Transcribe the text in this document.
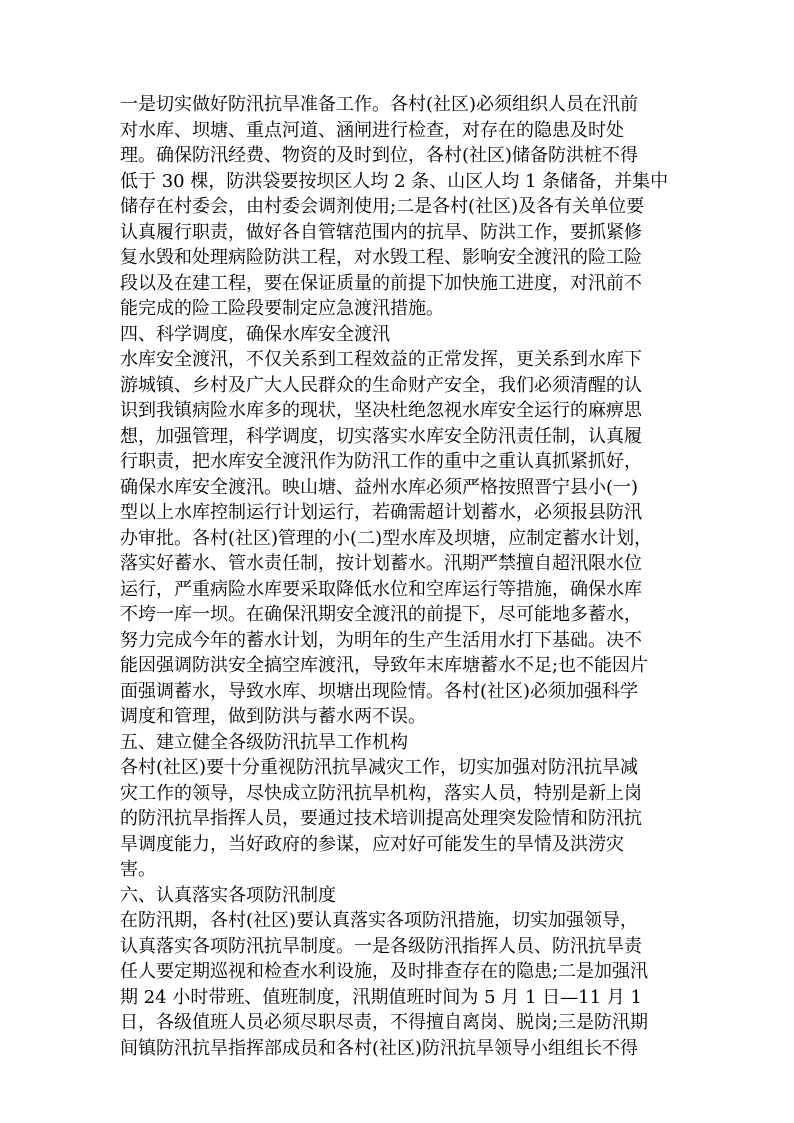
一是切实做好防汛抗旱准备工作。各村(社区)必须组织人员在汛前
对水库、坝塘、重点河道、涵闸进行检查，对存在的隐患及时处
理。确保防汛经费、物资的及时到位，各村(社区)储备防洪桩不得
低于 30 棵，防洪袋要按坝区人均 2 条、山区人均 1 条储备，并集中
储存在村委会，由村委会调剂使用;二是各村(社区)及各有关单位要
认真履行职责，做好各自管辖范围内的抗旱、防洪工作，要抓紧修
复水毁和处理病险防洪工程，对水毁工程、影响安全渡汛的险工险
段以及在建工程，要在保证质量的前提下加快施工进度，对汛前不
能完成的险工险段要制定应急渡汛措施。
四、科学调度，确保水库安全渡汛
水库安全渡汛，不仅关系到工程效益的正常发挥，更关系到水库下
游城镇、乡村及广大人民群众的生命财产安全，我们必须清醒的认
识到我镇病险水库多的现状，坚决杜绝忽视水库安全运行的麻痹思
想，加强管理，科学调度，切实落实水库安全防汛责任制，认真履
行职责，把水库安全渡汛作为防汛工作的重中之重认真抓紧抓好，
确保水库安全渡汛。映山塘、益州水库必须严格按照晋宁县小(一)
型以上水库控制运行计划运行，若确需超计划蓄水，必须报县防汛
办审批。各村(社区)管理的小(二)型水库及坝塘，应制定蓄水计划，
落实好蓄水、管水责任制，按计划蓄水。汛期严禁擅自超汛限水位
运行，严重病险水库要采取降低水位和空库运行等措施，确保水库
不垮一库一坝。在确保汛期安全渡汛的前提下，尽可能地多蓄水，
努力完成今年的蓄水计划，为明年的生产生活用水打下基础。决不
能因强调防洪安全搞空库渡汛，导致年末库塘蓄水不足;也不能因片
面强调蓄水，导致水库、坝塘出现险情。各村(社区)必须加强科学
调度和管理，做到防洪与蓄水两不误。
五、建立健全各级防汛抗旱工作机构
各村(社区)要十分重视防汛抗旱减灾工作，切实加强对防汛抗旱减
灾工作的领导，尽快成立防汛抗旱机构，落实人员，特别是新上岗
的防汛抗旱指挥人员，要通过技术培训提高处理突发险情和防汛抗
旱调度能力，当好政府的参谋，应对好可能发生的旱情及洪涝灾
害。
六、认真落实各项防汛制度
在防汛期，各村(社区)要认真落实各项防汛措施，切实加强领导，
认真落实各项防汛抗旱制度。一是各级防汛指挥人员、防汛抗旱责
任人要定期巡视和检查水利设施，及时排查存在的隐患;二是加强汛
期 24 小时带班、值班制度，汛期值班时间为 5 月 1 日—11 月 1
日，各级值班人员必须尽职尽责，不得擅自离岗、脱岗;三是防汛期
间镇防汛抗旱指挥部成员和各村(社区)防汛抗旱领导小组组长不得
